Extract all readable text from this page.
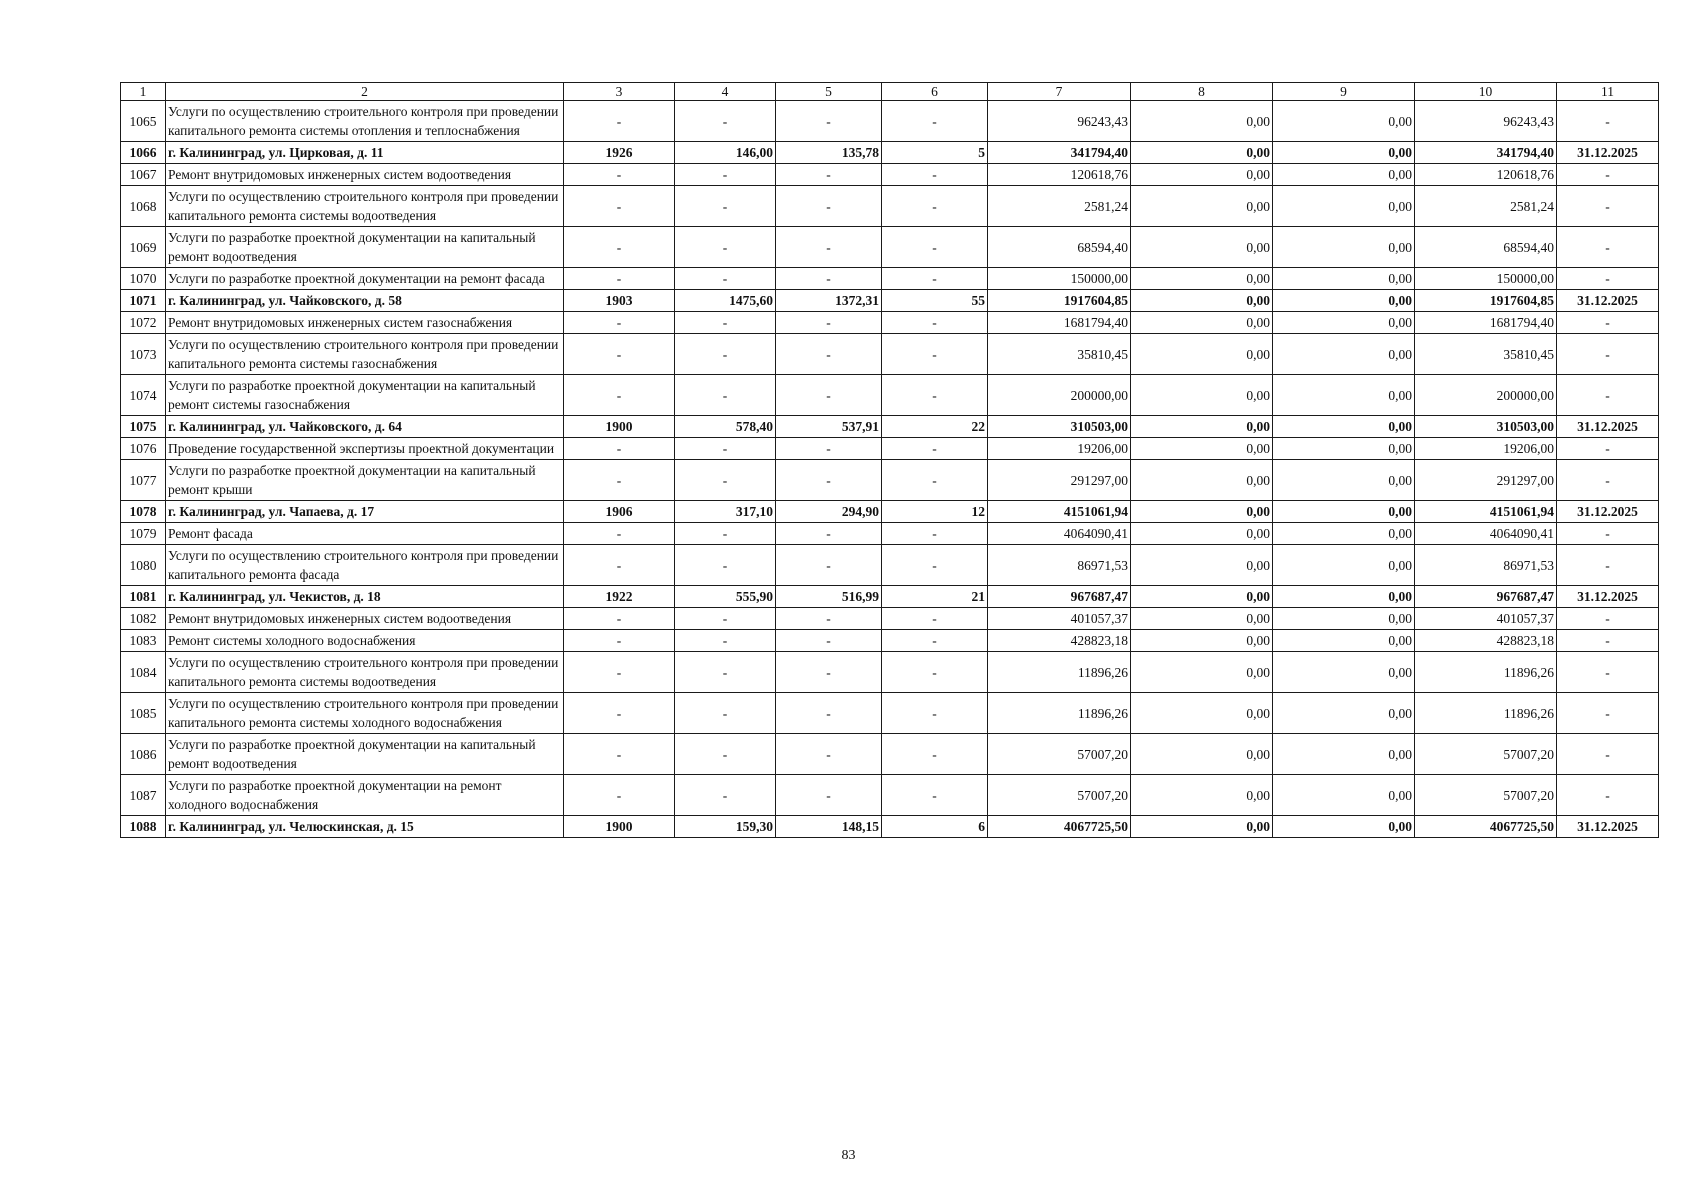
1	2	3	4	5	6	7	8	9	10	11
1065	Услуги по осуществлению строительного контроля при проведении капитального ремонта системы отопления и теплоснабжения	-	-	-	-	96243,43	0,00	0,00	96243,43	-
1066	г. Калининград, ул. Цирковая, д. 11	1926	146,00	135,78	5	341794,40	0,00	0,00	341794,40	31.12.2025
1067	Ремонт внутридомовых инженерных систем водоотведения	-	-	-	-	120618,76	0,00	0,00	120618,76	-
1068	Услуги по осуществлению строительного контроля при проведении капитального ремонта системы водоотведения	-	-	-	-	2581,24	0,00	0,00	2581,24	-
1069	Услуги по разработке проектной документации на капитальный ремонт водоотведения	-	-	-	-	68594,40	0,00	0,00	68594,40	-
1070	Услуги по разработке проектной документации на ремонт фасада	-	-	-	-	150000,00	0,00	0,00	150000,00	-
1071	г. Калининград, ул. Чайковского, д. 58	1903	1475,60	1372,31	55	1917604,85	0,00	0,00	1917604,85	31.12.2025
1072	Ремонт внутридомовых инженерных систем газоснабжения	-	-	-	-	1681794,40	0,00	0,00	1681794,40	-
1073	Услуги по осуществлению строительного контроля при проведении капитального ремонта системы газоснабжения	-	-	-	-	35810,45	0,00	0,00	35810,45	-
1074	Услуги по разработке проектной документации на капитальный ремонт системы газоснабжения	-	-	-	-	200000,00	0,00	0,00	200000,00	-
1075	г. Калининград, ул. Чайковского, д. 64	1900	578,40	537,91	22	310503,00	0,00	0,00	310503,00	31.12.2025
1076	Проведение государственной экспертизы проектной документации	-	-	-	-	19206,00	0,00	0,00	19206,00	-
1077	Услуги по разработке проектной документации на капитальный ремонт крыши	-	-	-	-	291297,00	0,00	0,00	291297,00	-
1078	г. Калининград, ул. Чапаева, д. 17	1906	317,10	294,90	12	4151061,94	0,00	0,00	4151061,94	31.12.2025
1079	Ремонт фасада	-	-	-	-	4064090,41	0,00	0,00	4064090,41	-
1080	Услуги по осуществлению строительного контроля при проведении капитального ремонта фасада	-	-	-	-	86971,53	0,00	0,00	86971,53	-
1081	г. Калининград, ул. Чекистов, д. 18	1922	555,90	516,99	21	967687,47	0,00	0,00	967687,47	31.12.2025
1082	Ремонт внутридомовых инженерных систем водоотведения	-	-	-	-	401057,37	0,00	0,00	401057,37	-
1083	Ремонт системы холодного водоснабжения	-	-	-	-	428823,18	0,00	0,00	428823,18	-
1084	Услуги по осуществлению строительного контроля при проведении капитального ремонта системы водоотведения	-	-	-	-	11896,26	0,00	0,00	11896,26	-
1085	Услуги по осуществлению строительного контроля при проведении капитального ремонта системы холодного водоснабжения	-	-	-	-	11896,26	0,00	0,00	11896,26	-
1086	Услуги по разработке проектной документации на капитальный ремонт водоотведения	-	-	-	-	57007,20	0,00	0,00	57007,20	-
1087	Услуги по разработке проектной документации на ремонт холодного водоснабжения	-	-	-	-	57007,20	0,00	0,00	57007,20	-
1088	г. Калининград, ул. Челюскинская, д. 15	1900	159,30	148,15	6	4067725,50	0,00	0,00	4067725,50	31.12.2025
83
